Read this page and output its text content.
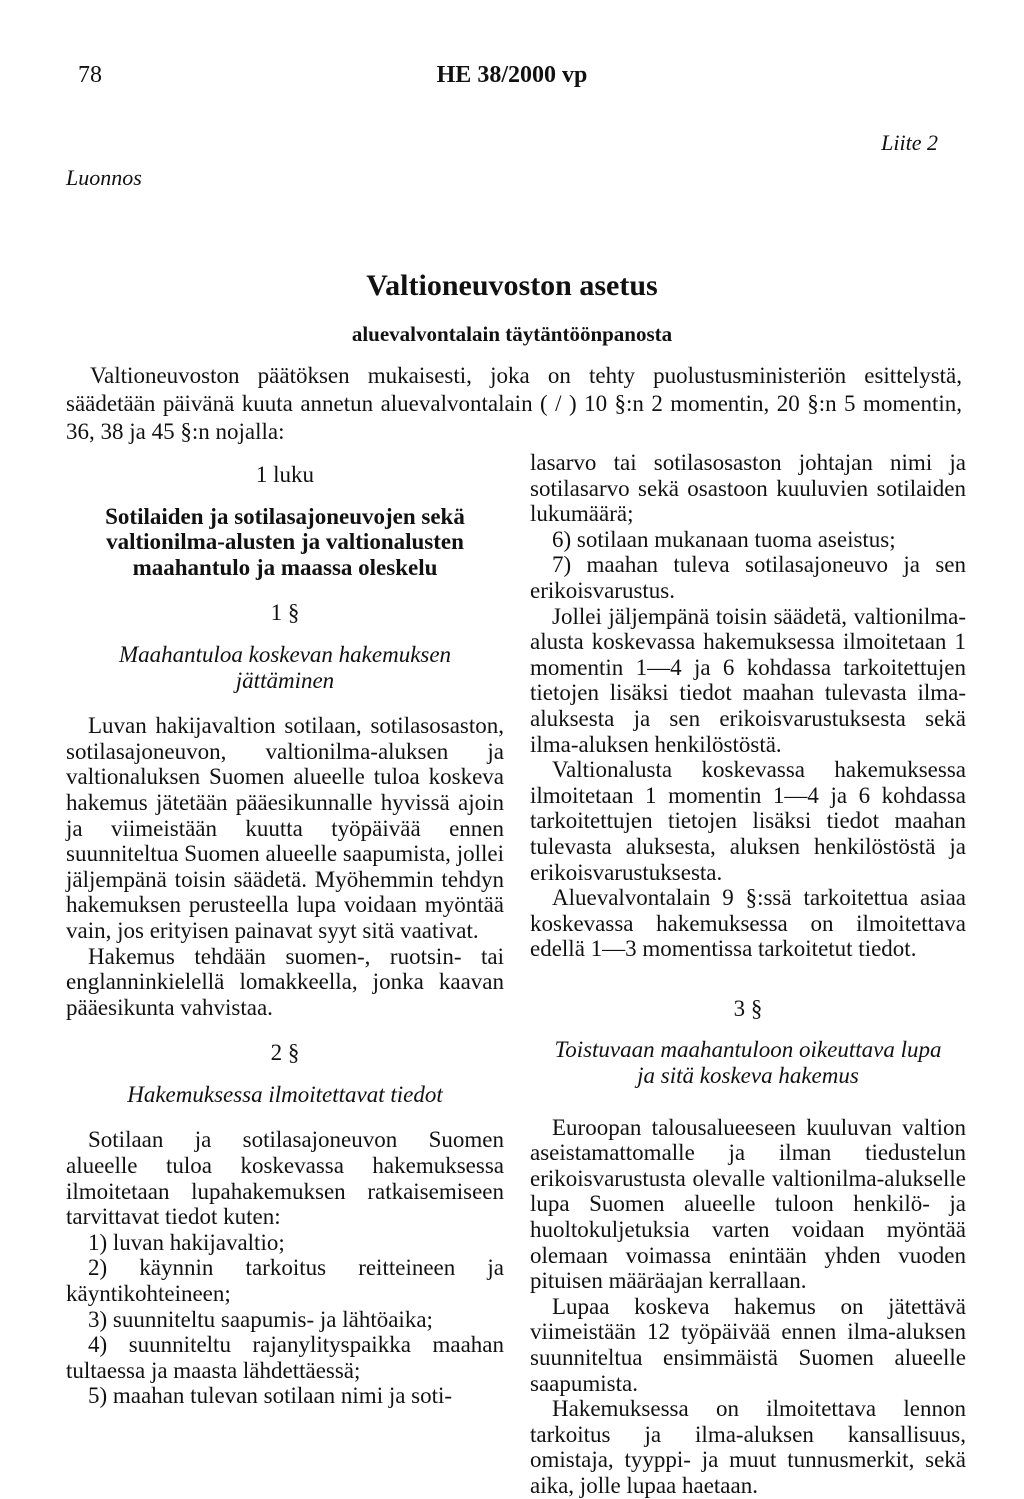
78	HE 38/2000 vp
Liite 2
Luonnos
Valtioneuvoston asetus
aluevalvontalain täytäntöönpanosta
Valtioneuvoston päätöksen mukaisesti, joka on tehty puolustusministeriön esittelystä, säädetään päivänä kuuta annetun aluevalvontalain ( / ) 10 §:n 2 momentin, 20 §:n 5 momentin, 36, 38 ja 45 §:n nojalla:
1 luku
Sotilaiden ja sotilasajoneuvojen sekä valtionilma-alusten ja valtionalusten maahantulo ja maassa oleskelu
1 §
Maahantuloa koskevan hakemuksen jättäminen

Luvan hakijavaltion sotilaan, sotilasosaston, sotilasajoneuvon, valtionilma-aluksen ja valtionaluksen Suomen alueelle tuloa koskeva hakemus jätetään pääesikunnalle hyvissä ajoin ja viimeistään kuutta työpäivää ennen suunniteltua Suomen alueelle saapumista, jollei jäljempänä toisin säädetä. Myöhemmin tehdyn hakemuksen perusteella lupa voidaan myöntää vain, jos erityisen painavat syyt sitä vaativat.

Hakemus tehdään suomen-, ruotsin- tai englanninkielellä lomakkeella, jonka kaavan pääesikunta vahvistaa.

2 §
Hakemuksessa ilmoitettavat tiedot

Sotilaan ja sotilasajoneuvon Suomen alueelle tuloa koskevassa hakemuksessa ilmoitetaan lupahakemuksen ratkaisemiseen tarvittavat tiedot kuten:

1) luvan hakijavaltio;

2) käynnin tarkoitus reitteineen ja käyntikohteineen;

3) suunniteltu saapumis- ja lähtöaika;

4) suunniteltu rajanylityspaikka maahan tultaessa ja maasta lähdettäessä;

5) maahan tulevan sotilaan nimi ja soti-

lasarvo tai sotilasosaston johtajan nimi ja sotilasarvo sekä osastoon kuuluvien sotilaiden lukumäärä;

6) sotilaan mukanaan tuoma aseistus;

7) maahan tuleva sotilasajoneuvo ja sen erikoisvarustus.

Jollei jäljempänä toisin säädetä, valtionilma-alusta koskevassa hakemuksessa ilmoitetaan 1 momentin 1—4 ja 6 kohdassa tarkoitettujen tietojen lisäksi tiedot maahan tulevasta ilma-aluksesta ja sen erikoisvarustuksesta sekä ilma-aluksen henkilöstöstä.

Valtionalusta koskevassa hakemuksessa ilmoitetaan 1 momentin 1—4 ja 6 kohdassa tarkoitettujen tietojen lisäksi tiedot maahan tulevasta aluksesta, aluksen henkilöstöstä ja erikoisvarustuksesta.

Aluevalvontalain 9 §:ssä tarkoitettua asiaa koskevassa hakemuksessa on ilmoitettava edellä 1—3 momentissa tarkoitetut tiedot.

3 §
Toistuvaan maahantuloon oikeuttava lupa ja sitä koskeva hakemus

Euroopan talousalueeseen kuuluvan valtion aseistamattomalle ja ilman tiedustelun erikoisvarustusta olevalle valtionilma-alukselle lupa Suomen alueelle tuloon henkilö- ja huoltokuljetuksia varten voidaan myöntää olemaan voimassa enintään yhden vuoden pituisen määräajan kerrallaan.

Lupaa koskeva hakemus on jätettävä viimeistään 12 työpäivää ennen ilma-aluksen suunniteltua ensimmäistä Suomen alueelle saapumista.

Hakemuksessa on ilmoitettava lennon tarkoitus ja ilma-aluksen kansallisuus, omistaja, tyyppi- ja muut tunnusmerkit, sekä aika, jolle lupaa haetaan.
